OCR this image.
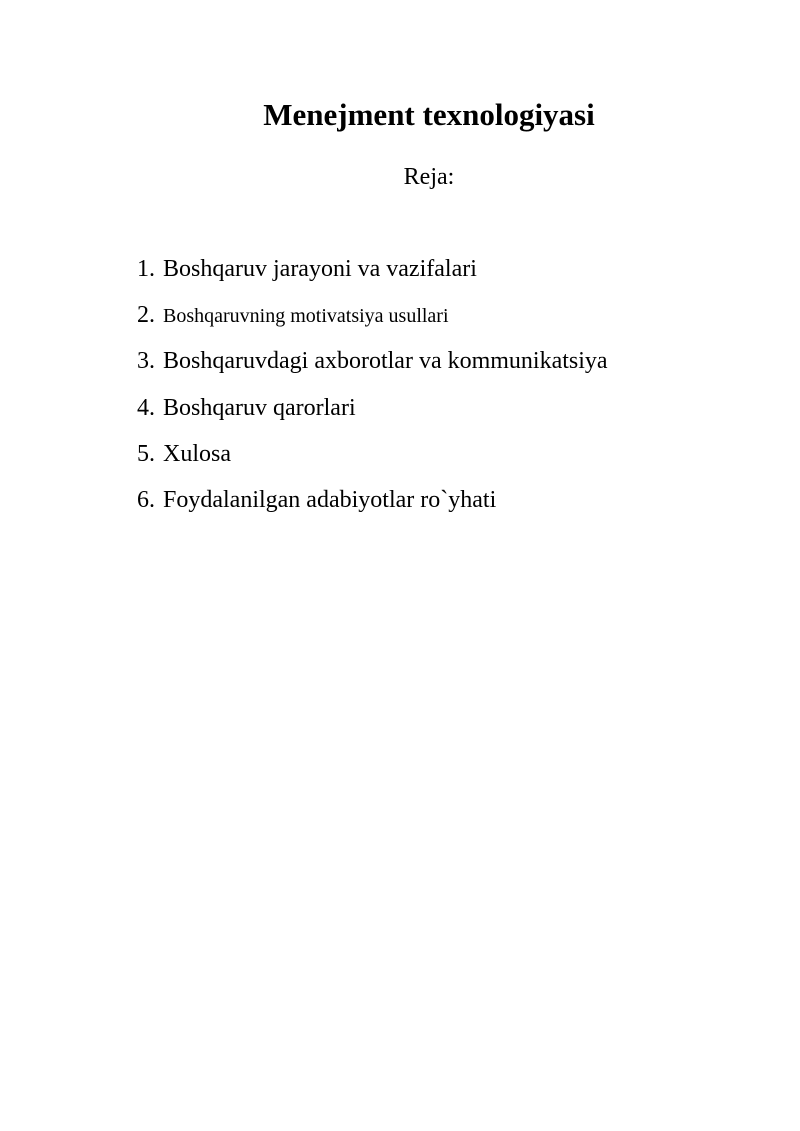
Menejment texnologiyasi

Reja:

1. Boshqaruv jarayoni va vazifalari
2. Boshqaruvning motivatsiya usullari
3. Boshqaruvdagi axborotlar va kommunikatsiya
4. Boshqaruv qarorlari
5. Xulosa
6. Foydalanilgan adabiyotlar ro`yhati
